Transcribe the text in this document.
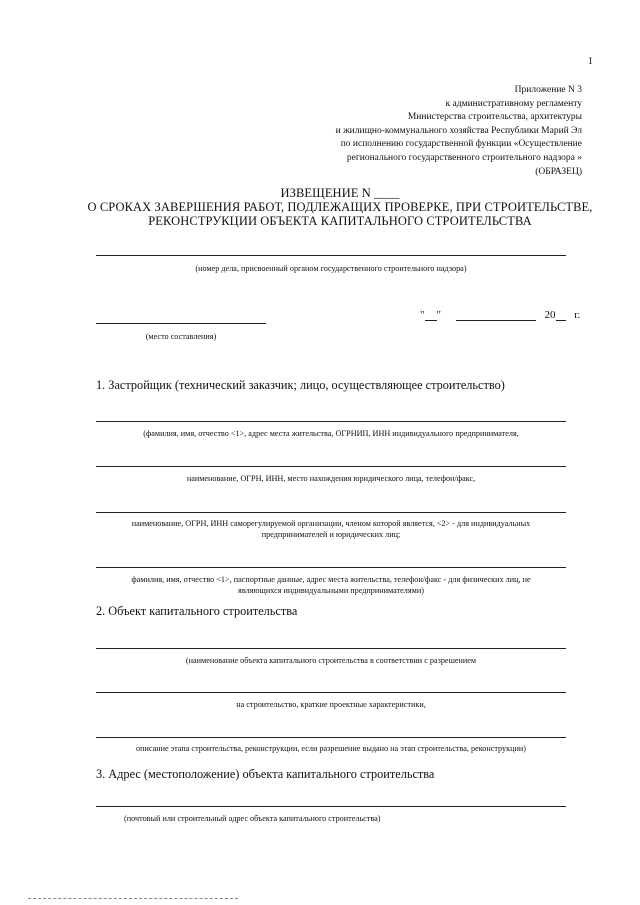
1
Приложение N 3
к административному регламенту
Министерства строительства, архитектуры
и жилищно-коммунального хозяйства Республики Марий Эл
по исполнению государственной функции «Осуществление
регионального государственного строительного надзора »
(ОБРАЗЕЦ)
ИЗВЕЩЕНИЕ N ____
О СРОКАХ ЗАВЕРШЕНИЯ РАБОТ, ПОДЛЕЖАЩИХ ПРОВЕРКЕ, ПРИ СТРОИТЕЛЬСТВЕ,
РЕКОНСТРУКЦИИ ОБЪЕКТА КАПИТАЛЬНОГО СТРОИТЕЛЬСТВА
(номер дела, присвоенный органом государственного строительного надзора)
" "	20 г.
(место составления)
1. Застройщик (технический заказчик; лицо, осуществляющее строительство)
(фамилия, имя, отчество <1>, адрес места жительства, ОГРНИП, ИНН индивидуального предпринимателя,
наименование, ОГРН, ИНН, место нахождения юридического лица, телефон/факс,
наименование, ОГРН, ИНН саморегулируемой организации, членом которой является, <2> - для индивидуальных
предпринимателей и юридических лиц;
фамилия, имя, отчество <1>, паспортные данные, адрес места жительства, телефон/факс - для физических лиц, не
являющихся индивидуальными предпринимателями)
2. Объект капитального строительства
(наименование объекта капитального строительства в соответствии с разрешением
на строительство, краткие проектные характеристики,
описание этапа строительства, реконструкции, если разрешение выдано на этап строительства, реконструкции)
3. Адрес (местоположение) объекта капитального строительства
(почтовый или строительный адрес объекта капитального строительства)
